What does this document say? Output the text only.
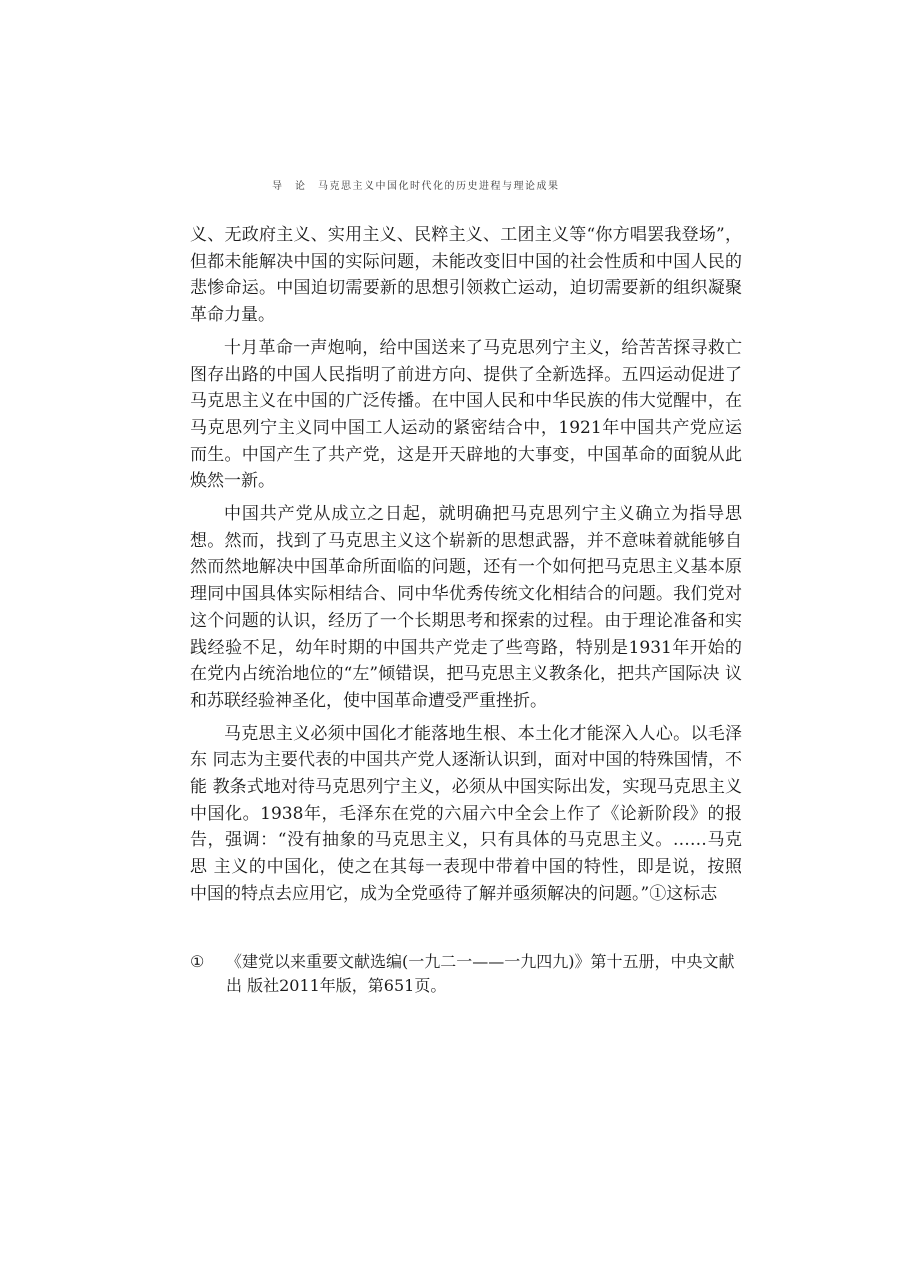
导　论　马克思主义中国化时代化的历史进程与理论成果

义、无政府主义、实用主义、民粹主义、工团主义等“你方唱罢我登场”，但都未能解决中国的实际问题，未能改变旧中国的社会性质和中国人民的悲惨命运。中国迫切需要新的思想引领救亡运动，迫切需要新的组织凝聚革命力量。

十月革命一声炮响，给中国送来了马克思列宁主义，给苦苦探寻救亡图存出路的中国人民指明了前进方向、提供了全新选择。五四运动促进了马克思主义在中国的广泛传播。在中国人民和中华民族的伟大觉醒中，在马克思列宁主义同中国工人运动的紧密结合中，1921年中国共产党应运 而生。中国产生了共产党，这是开天辟地的大事变，中国革命的面貌从此 焕然一新。

中国共产党从成立之日起，就明确把马克思列宁主义确立为指导思想。然而，找到了马克思主义这个崭新的思想武器，并不意味着就能够自然而然地解决中国革命所面临的问题，还有一个如何把马克思主义基本原理同中国具体实际相结合、同中华优秀传统文化相结合的问题。我们党对这个问题的认识，经历了一个长期思考和探索的过程。由于理论准备和实践经验不足，幼年时期的中国共产党走了些弯路，特别是1931年开始的 在党内占统治地位的“左”倾错误，把马克思主义教条化，把共产国际决 议和苏联经验神圣化，使中国革命遭受严重挫折。

马克思主义必须中国化才能落地生根、本土化才能深入人心。以毛泽东 同志为主要代表的中国共产党人逐渐认识到，面对中国的特殊国情，不能 教条式地对待马克思列宁主义，必须从中国实际出发，实现马克思主义 中国化。1938年，毛泽东在党的六届六中全会上作了《论新阶段》的报 告，强调：“没有抽象的马克思主义，只有具体的马克思主义。……马克思 主义的中国化，使之在其每一表现中带着中国的特性，即是说，按照 中国的特点去应用它，成为全党亟待了解并亟须解决的问题。”①这标志

①	《建党以来重要文献选编(一九二一——一九四九)》第十五册，中央文献出 版社2011年版，第651页。
